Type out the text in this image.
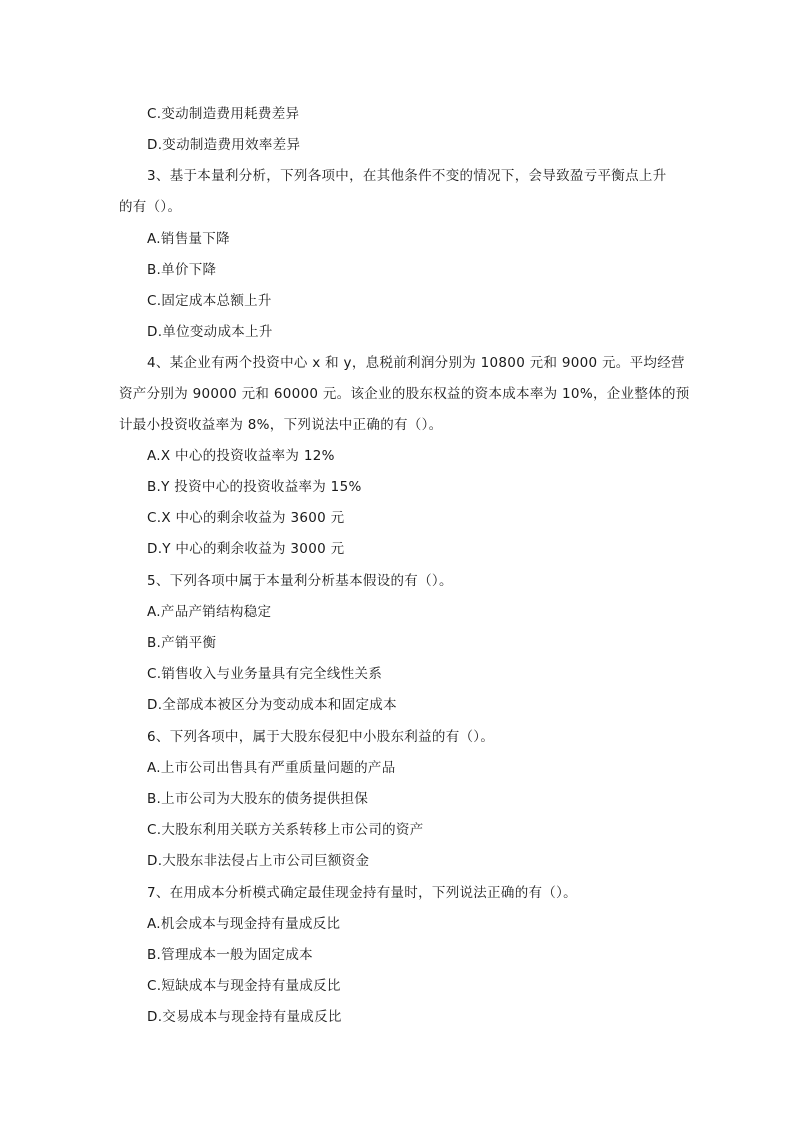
C.变动制造费用耗费差异
D.变动制造费用效率差异
3、基于本量利分析，下列各项中，在其他条件不变的情况下，会导致盈亏平衡点上升
的有（）。
A.销售量下降
B.单价下降
C.固定成本总额上升
D.单位变动成本上升
4、某企业有两个投资中心 x 和 y，息税前利润分别为 10800 元和 9000 元。平均经营
资产分别为 90000 元和 60000 元。该企业的股东权益的资本成本率为 10%，企业整体的预
计最小投资收益率为 8%，下列说法中正确的有（）。
A.X 中心的投资收益率为 12%
B.Y 投资中心的投资收益率为 15%
C.X 中心的剩余收益为 3600 元
D.Y 中心的剩余收益为 3000 元
5、下列各项中属于本量利分析基本假设的有（）。
A.产品产销结构稳定
B.产销平衡
C.销售收入与业务量具有完全线性关系
D.全部成本被区分为变动成本和固定成本
6、下列各项中，属于大股东侵犯中小股东利益的有（）。
A.上市公司出售具有严重质量问题的产品
B.上市公司为大股东的债务提供担保
C.大股东利用关联方关系转移上市公司的资产
D.大股东非法侵占上市公司巨额资金
7、在用成本分析模式确定最佳现金持有量时，下列说法正确的有（）。
A.机会成本与现金持有量成反比
B.管理成本一般为固定成本
C.短缺成本与现金持有量成反比
D.交易成本与现金持有量成反比
